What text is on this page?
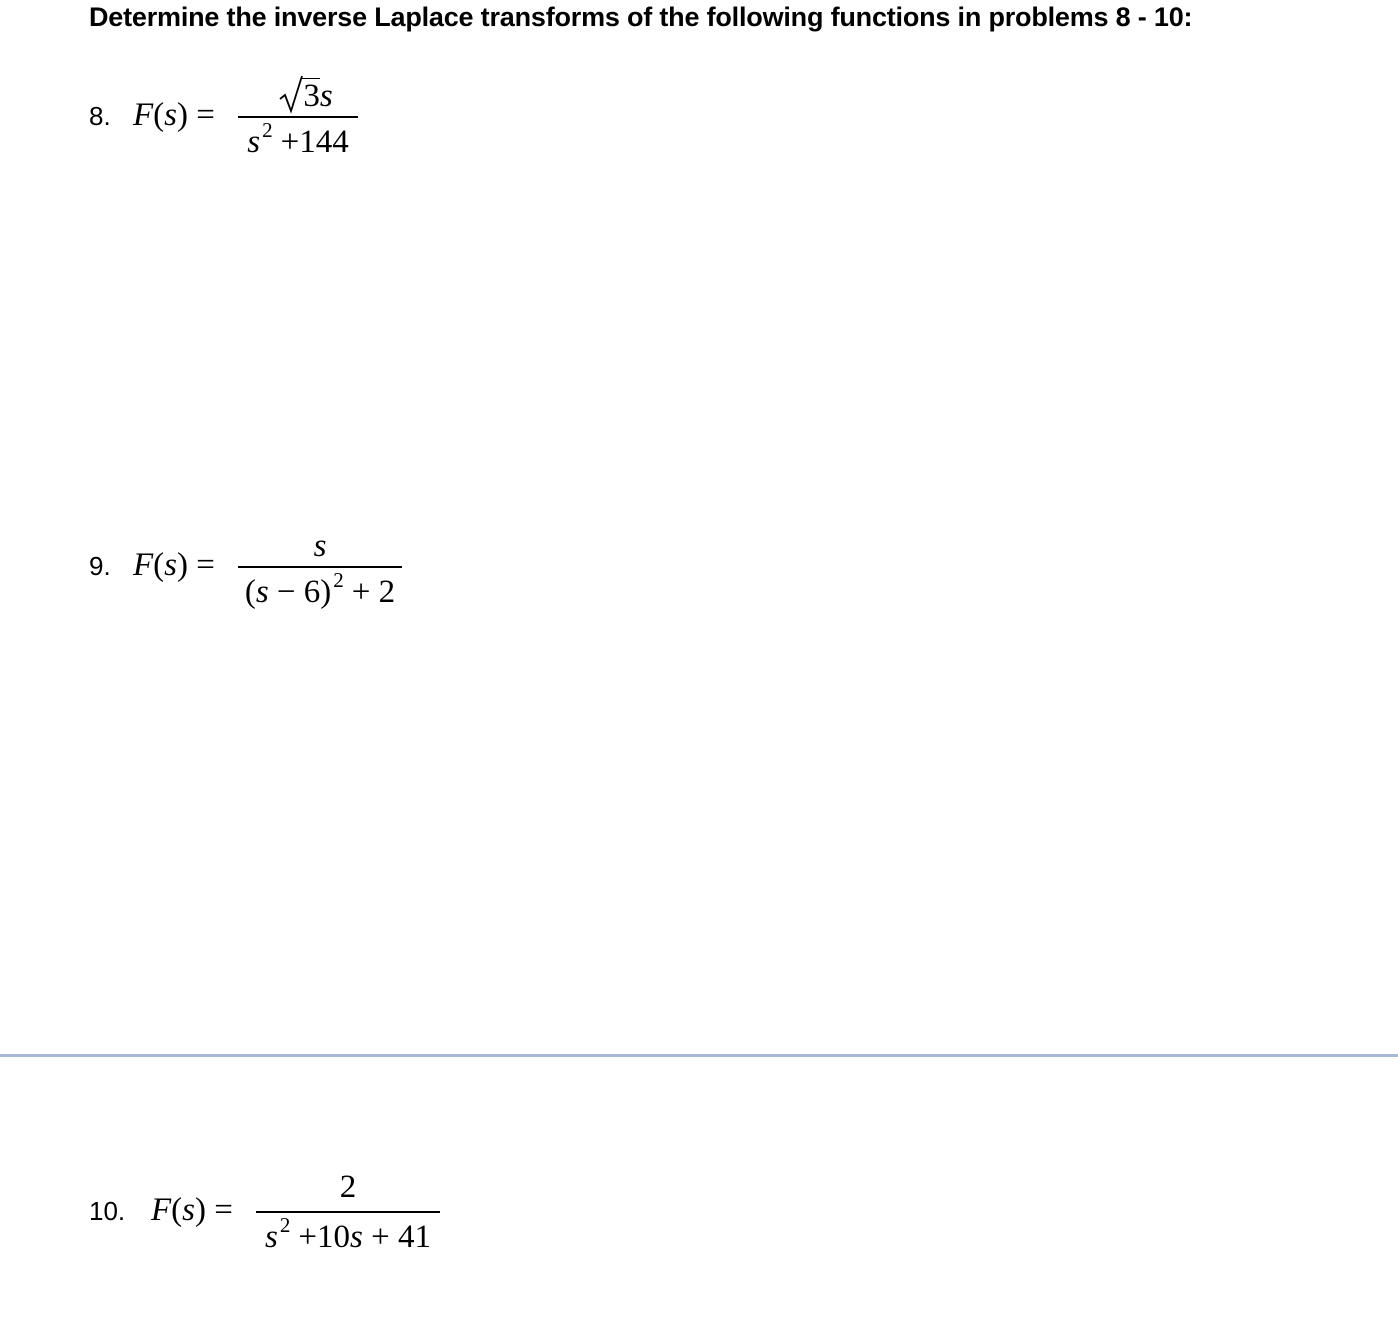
Determine the inverse Laplace transforms of the following functions in problems 8 - 10:
8. F(s) =
3s
$s^2 +144$
9. F(s) =
s
$(s - 6)^2 + 2$
10. F(s) =
2
$s^2 +10s + 41$
